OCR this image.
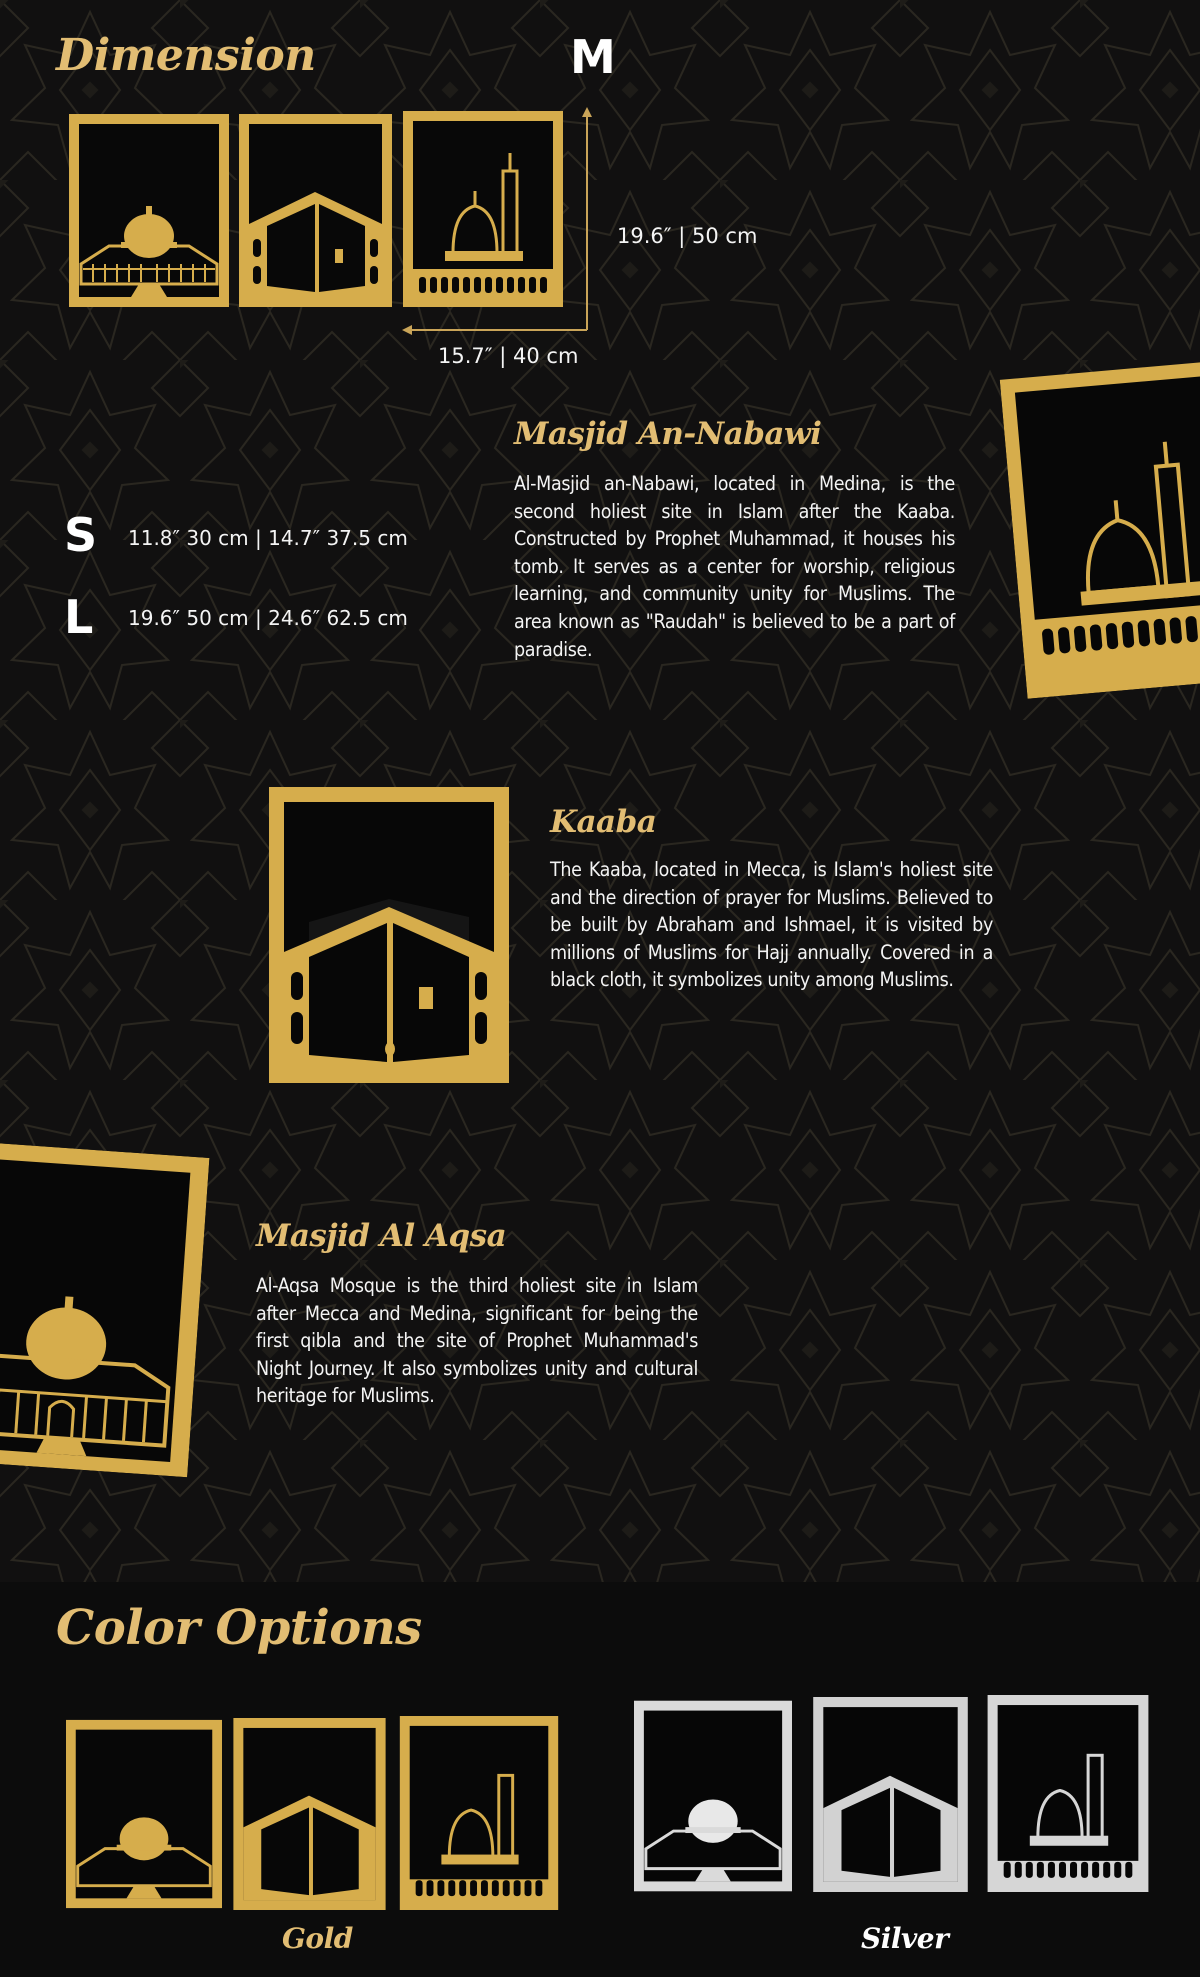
Dimension	M
19.6″ | 50 cm
15.7″ | 40 cm
S 11.8″ 30 cm | 14.7″ 37.5 cm
L 19.6″ 50 cm | 24.6″ 62.5 cm
Masjid An-Nabawi
Al-Masjid an-Nabawi, located in Medina, is the second holiest site in Islam after the Kaaba. Constructed by Prophet Muhammad, it houses his tomb. It serves as a center for worship, religious learning, and community unity for Muslims. The area known as "Raudah" is believed to be a part of paradise.
Kaaba
The Kaaba, located in Mecca, is Islam's holiest site and the direction of prayer for Muslims. Believed to be built by Abraham and Ishmael, it is visited by millions of Muslims for Hajj annually. Covered in a black cloth, it symbolizes unity among Muslims.
Masjid Al Aqsa
Al-Aqsa Mosque is the third holiest site in Islam after Mecca and Medina, significant for being the first qibla and the site of Prophet Muhammad's Night Journey. It also symbolizes unity and cultural heritage for Muslims.
Color Options
Gold	Silver
